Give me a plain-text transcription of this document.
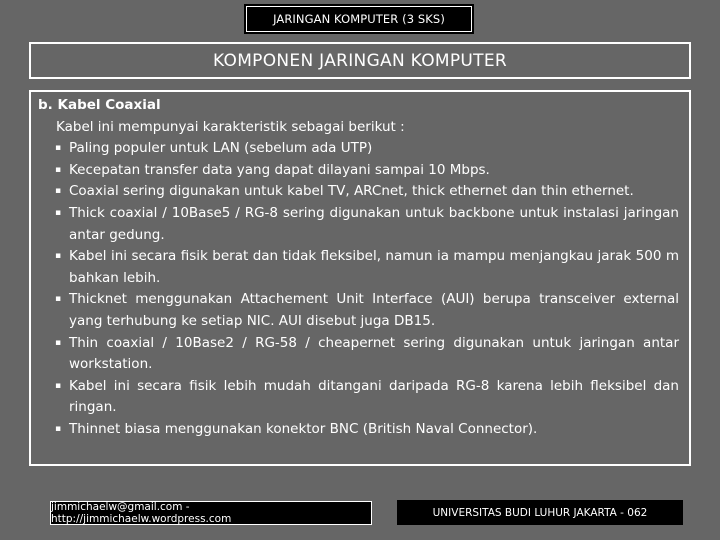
JARINGAN KOMPUTER (3 SKS)
KOMPONEN JARINGAN KOMPUTER

b. Kabel Coaxial

Kabel ini mempunyai karakteristik sebagai berikut :

▪ Paling populer untuk LAN (sebelum ada UTP)
▪ Kecepatan transfer data yang dapat dilayani sampai 10 Mbps.
▪ Coaxial sering digunakan untuk kabel TV, ARCnet, thick ethernet dan thin ethernet.
▪ Thick coaxial / 10Base5 / RG-8 sering digunakan untuk backbone untuk instalasi jaringan antar gedung.
▪ Kabel ini secara fisik berat dan tidak fleksibel, namun ia mampu menjangkau jarak 500 m bahkan lebih.
▪ Thicknet menggunakan Attachement Unit Interface (AUI) berupa transceiver external yang terhubung ke setiap NIC. AUI disebut juga DB15.
▪ Thin coaxial / 10Base2 / RG-58 / cheapernet sering digunakan untuk jaringan antar workstation.
▪ Kabel ini secara fisik lebih mudah ditangani daripada RG-8 karena lebih fleksibel dan ringan.
▪ Thinnet biasa menggunakan konektor BNC (British Naval Connector).
jimmichaelw@gmail.com - http://jimmichaelw.wordpress.com
UNIVERSITAS BUDI LUHUR JAKARTA - 062
